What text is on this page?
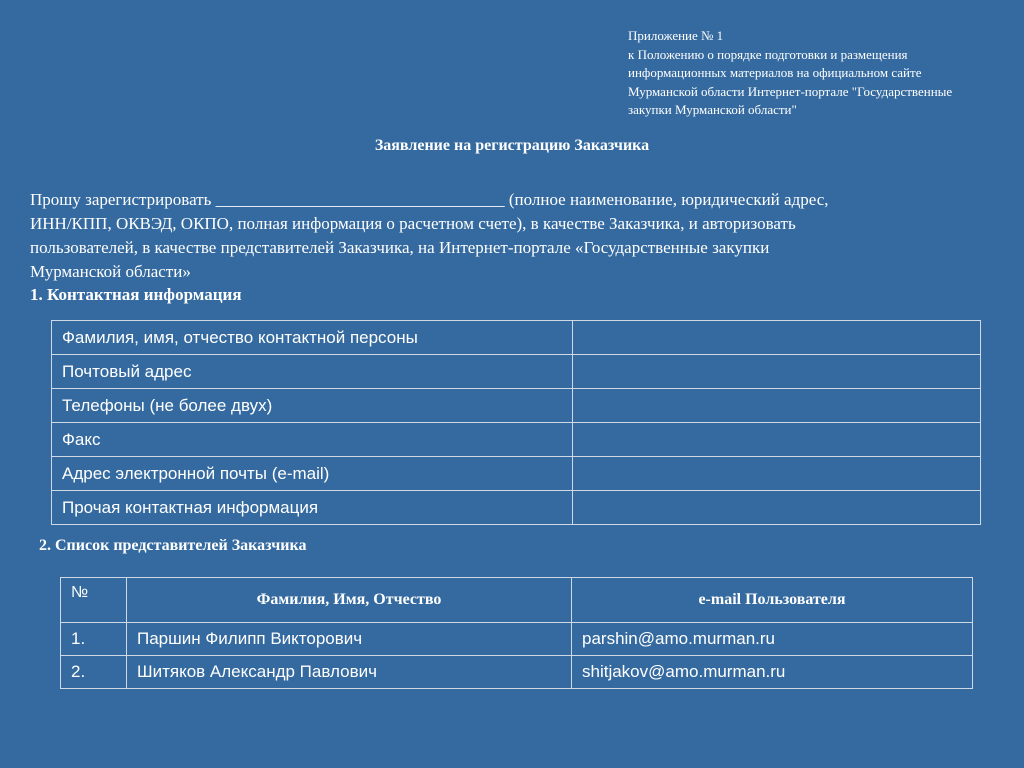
Приложение № 1
к Положению о порядке подготовки и размещения
информационных материалов на официальном сайте
Мурманской области Интернет-портале "Государственные
закупки Мурманской области"
Заявление на регистрацию Заказчика
Прошу зарегистрировать __________________________________ (полное наименование, юридический адрес,
ИНН/КПП, ОКВЭД, ОКПО, полная информация о расчетном счете), в качестве Заказчика, и авторизовать
пользователей, в качестве представителей Заказчика, на Интернет-портале «Государственные закупки
Мурманской области»
1. Контактная информация
Фамилия, имя, отчество контактной персоны	
Почтовый адрес	
Телефоны (не более двух)	
Факс	
Адрес электронной почты (e-mail)	
Прочая контактная информация	
2. Список представителей Заказчика
№	Фамилия, Имя, Отчество	e-mail Пользователя
1.	Паршин Филипп Викторович	parshin@amo.murman.ru
2.	Шитяков Александр Павлович	shitjakov@amo.murman.ru
